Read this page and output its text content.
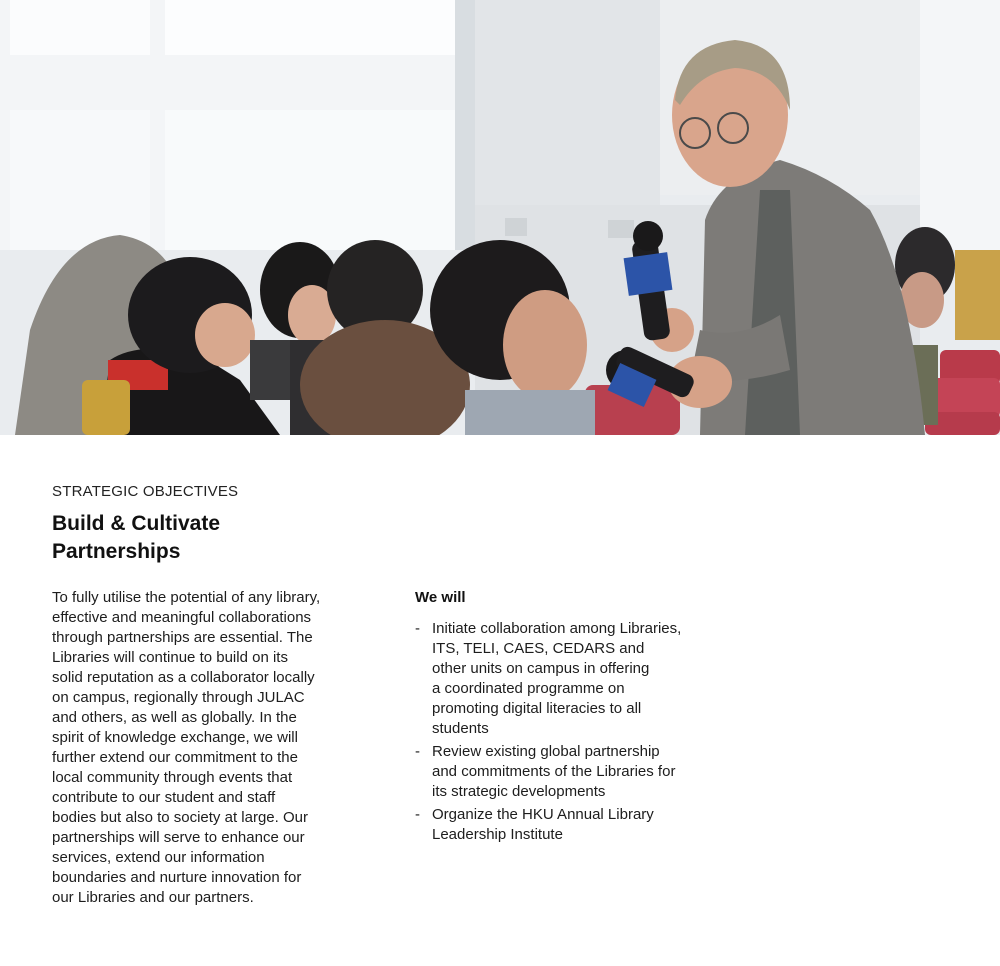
STRATEGIC OBJECTIVES
Build & Cultivate
Partnerships
To fully utilise the potential of any library,
effective and meaningful collaborations
through partnerships are essential. The
Libraries will continue to build on its
solid reputation as a collaborator locally
on campus, regionally through JULAC
and others, as well as globally. In the
spirit of knowledge exchange, we will
further extend our commitment to the
local community through events that
contribute to our student and staff
bodies but also to society at large. Our
partnerships will serve to enhance our
services, extend our information
boundaries and nurture innovation for
our Libraries and our partners.
We will
- Initiate collaboration among Libraries,
ITS, TELI, CAES, CEDARS and
other units on campus in offering
a coordinated programme on
promoting digital literacies to all
students
- Review existing global partnership
and commitments of the Libraries for
its strategic developments
- Organize the HKU Annual Library
Leadership Institute
